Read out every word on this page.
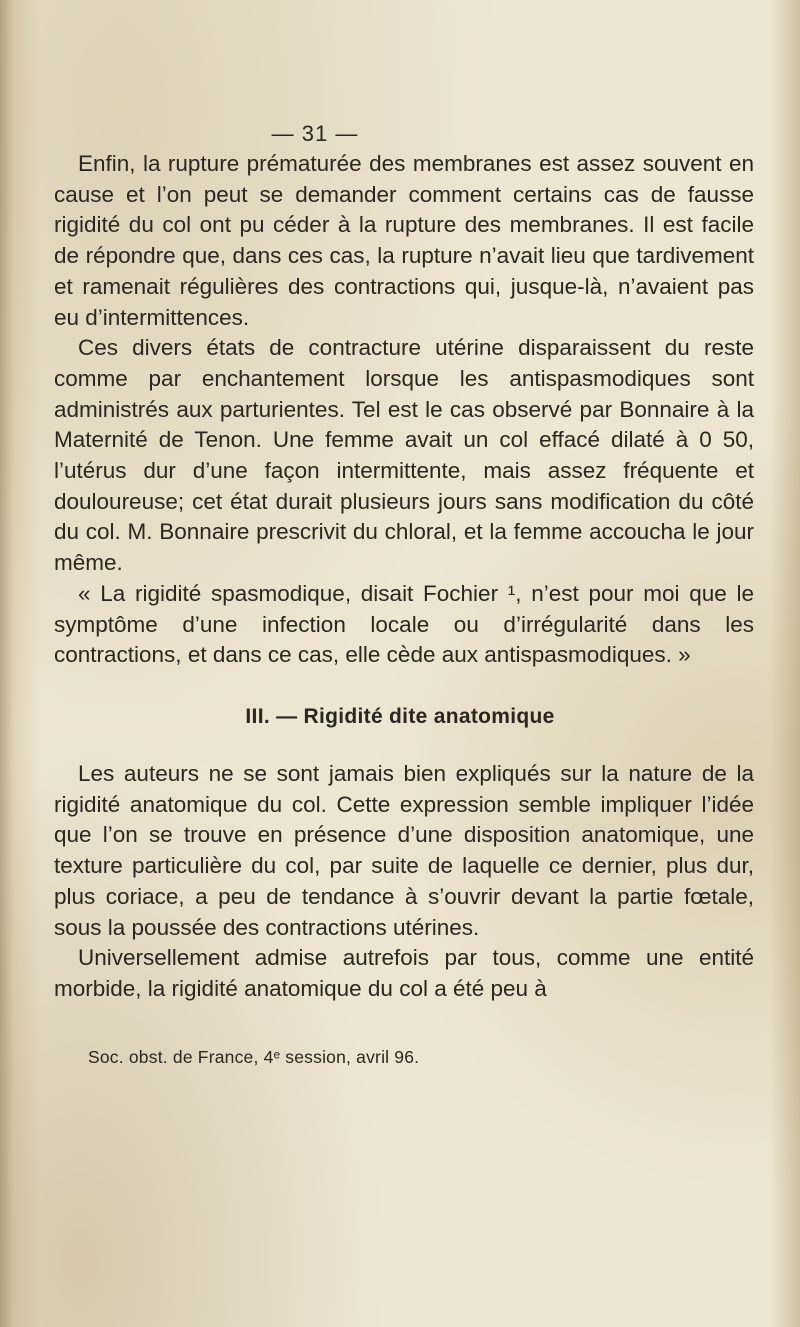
— 31 —

Enfin, la rupture prématurée des membranes est assez souvent en cause et l’on peut se demander comment certains cas de fausse rigidité du col ont pu céder à la rupture des membranes. Il est facile de répondre que, dans ces cas, la rupture n’avait lieu que tardivement et ramenait régulières des contractions qui, jusque-là, n’avaient pas eu d’intermittences.

Ces divers états de contracture utérine disparaissent du reste comme par enchantement lorsque les antispasmodiques sont administrés aux parturientes. Tel est le cas observé par Bonnaire à la Maternité de Tenon. Une femme avait un col effacé dilaté à 0 50, l’utérus dur d’une façon intermittente, mais assez fréquente et douloureuse; cet état durait plusieurs jours sans modification du côté du col. M. Bonnaire prescrivit du chloral, et la femme accoucha le jour même.

« La rigidité spasmodique, disait Fochier ¹, n’est pour moi que le symptôme d’une infection locale ou d’irrégularité dans les contractions, et dans ce cas, elle cède aux antispasmodiques. »

III. — Rigidité dite anatomique

Les auteurs ne se sont jamais bien expliqués sur la nature de la rigidité anatomique du col. Cette expression semble impliquer l’idée que l’on se trouve en présence d’une disposition anatomique, une texture particulière du col, par suite de laquelle ce dernier, plus dur, plus coriace, a peu de tendance à s’ouvrir devant la partie fœtale, sous la poussée des contractions utérines.

Universellement admise autrefois par tous, comme une entité morbide, la rigidité anatomique du col a été peu à

Soc. obst. de France, 4ᵉ session, avril 96.
